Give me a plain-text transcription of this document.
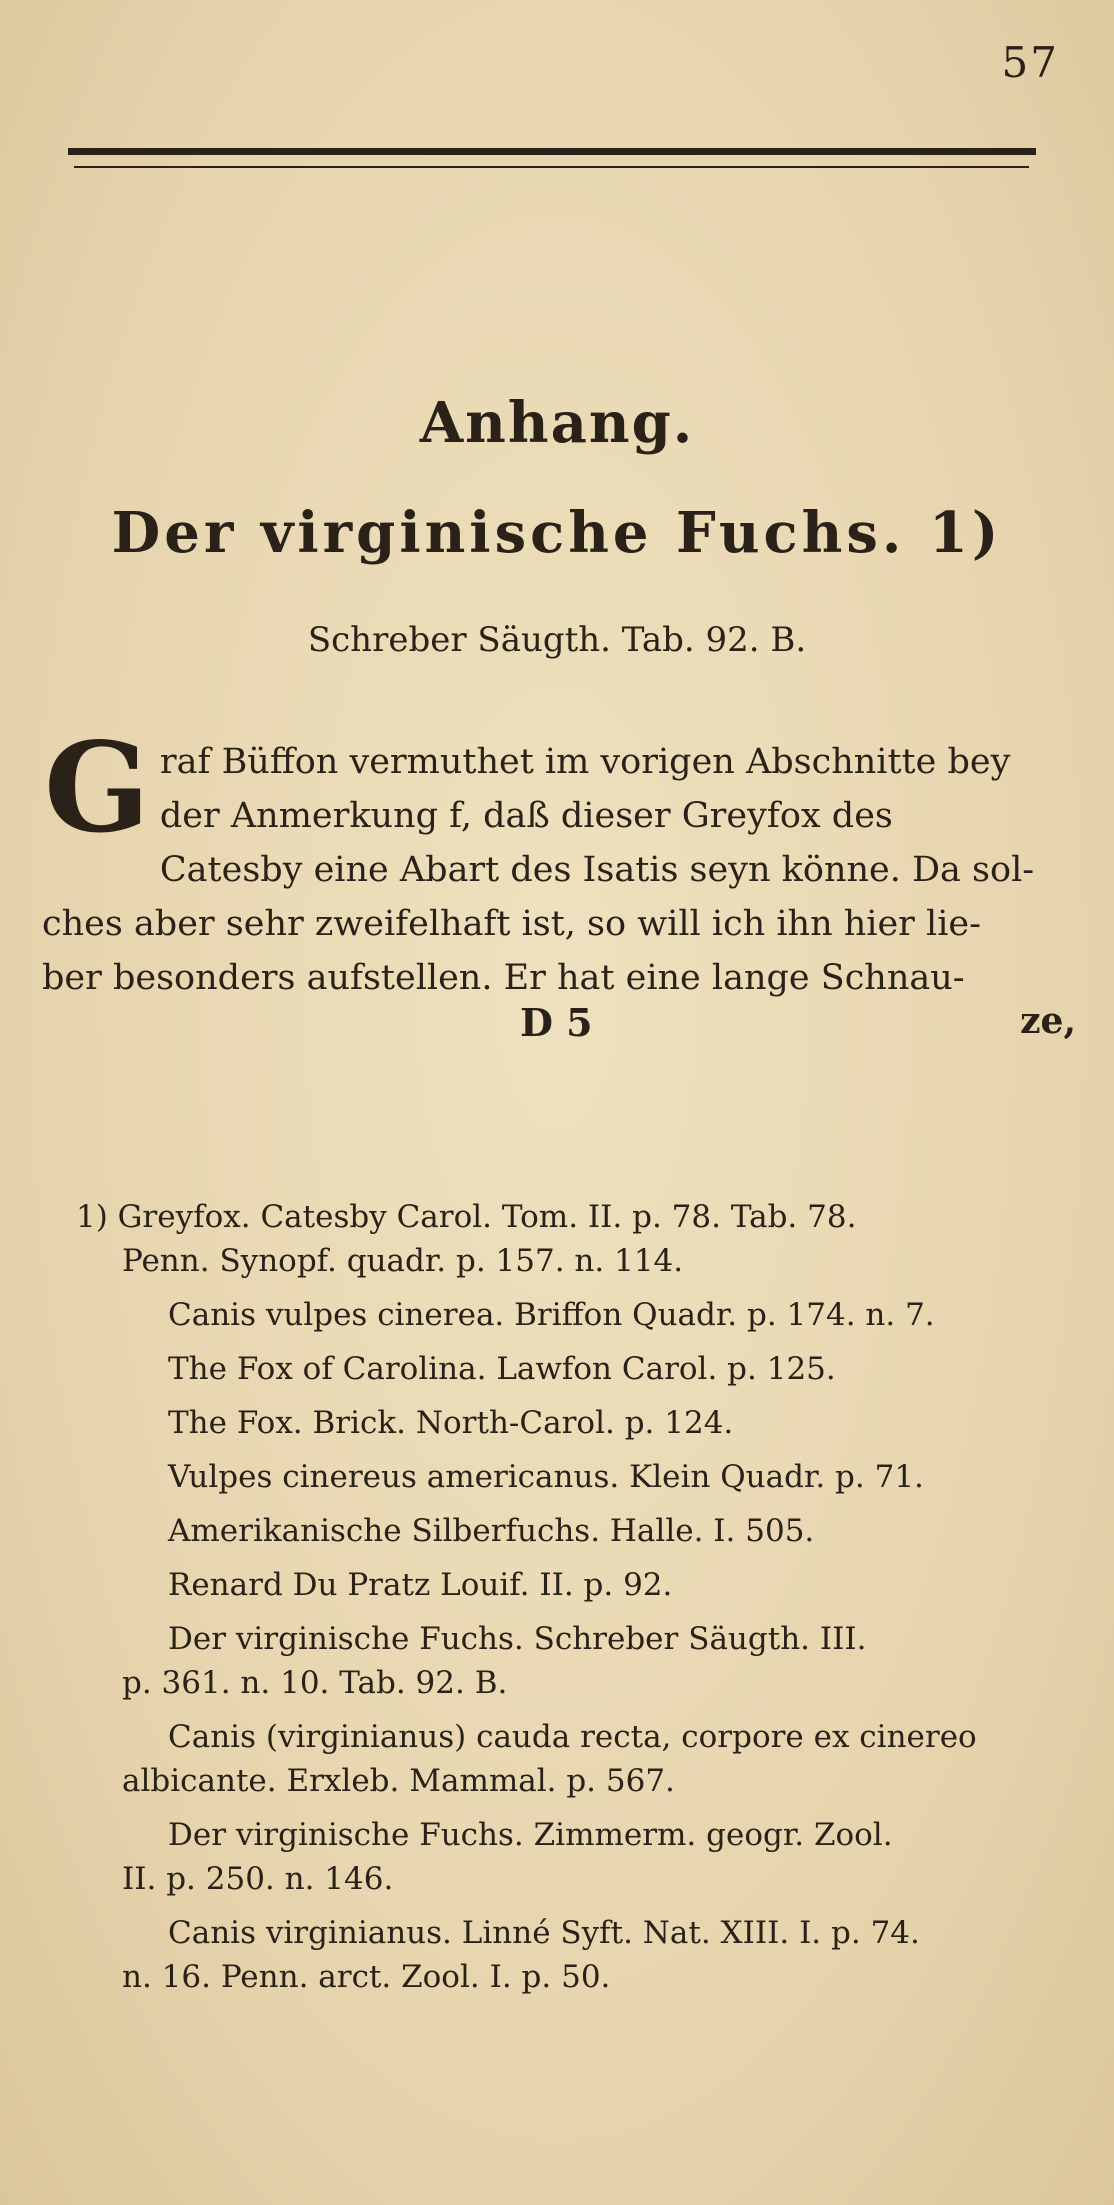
57
Anhang.
Der virginische Fuchs. 1)
Schreber Säugth. Tab. 92. B.
G raf Büffon vermuthet im vorigen Abschnitte bey
der Anmerkung f, daß dieser Greyfox des
Catesby eine Abart des Isatis seyn könne. Da sol-
ches aber sehr zweifelhaft ist, so will ich ihn hier lie-
ber besonders aufstellen. Er hat eine lange Schnau-
D 5	ze,
1) Greyfox. Catesby Carol. Tom. II. p. 78. Tab. 78.
Penn. Synopf. quadr. p. 157. n. 114.
Canis vulpes cinerea. Briffon Quadr. p. 174. n. 7.
The Fox of Carolina. Lawfon Carol. p. 125.
The Fox. Brick. North-Carol. p. 124.
Vulpes cinereus americanus. Klein Quadr. p. 71.
Amerikanische Silberfuchs. Halle. I. 505.
Renard Du Pratz Louif. II. p. 92.
Der virginische Fuchs. Schreber Säugth. III.
p. 361. n. 10. Tab. 92. B.
Canis (virginianus) cauda recta, corpore ex cinereo
albicante. Erxleb. Mammal. p. 567.
Der virginische Fuchs. Zimmerm. geogr. Zool.
II. p. 250. n. 146.
Canis virginianus. Linné Syft. Nat. XIII. I. p. 74.
n. 16. Penn. arct. Zool. I. p. 50.
